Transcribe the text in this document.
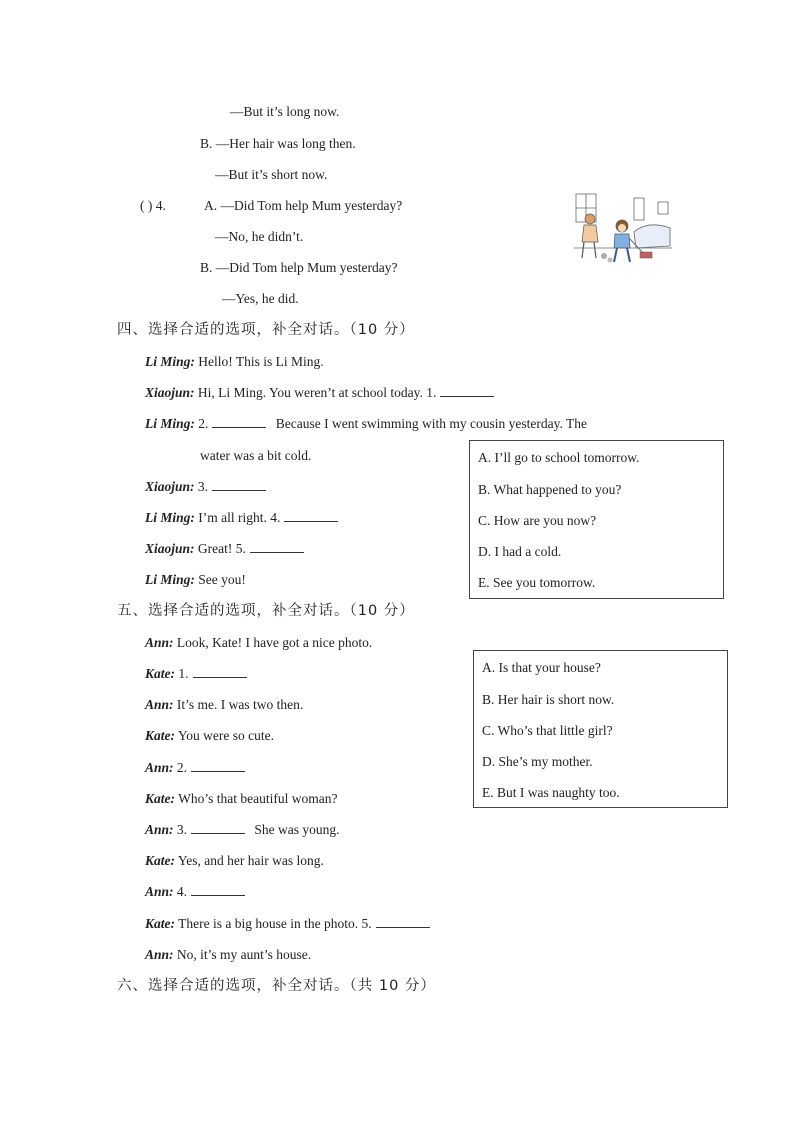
—But it’s long now.
B. —Her hair was long then.
—But it’s short now.
( ) 4.	A. —Did Tom help Mum yesterday?
—No, he didn’t.
B. —Did Tom help Mum yesterday?
—Yes, he did.
四、选择合适的选项，补全对话。（10 分）
Li Ming: Hello! This is Li Ming.
Xiaojun: Hi, Li Ming. You weren’t at school today. 1.
Li Ming: 2.	Because I went swimming with my cousin yesterday. The
water was a bit cold.
Xiaojun: 3.
Li Ming: I’m all right. 4.
Xiaojun: Great! 5.
Li Ming: See you!
A. I’ll go to school tomorrow.
B. What happened to you?
C. How are you now?
D. I had a cold.
E. See you tomorrow.
五、选择合适的选项，补全对话。（10 分）
Ann: Look, Kate! I have got a nice photo.
Kate: 1.
Ann: It’s me. I was two then.
Kate: You were so cute.
Ann: 2.
Kate: Who’s that beautiful woman?
Ann: 3.	She was young.
Kate: Yes, and her hair was long.
Ann: 4.
Kate: There is a big house in the photo. 5.
Ann: No, it’s my aunt’s house.
A. Is that your house?
B. Her hair is short now.
C. Who’s that little girl?
D. She’s my mother.
E. But I was naughty too.
六、选择合适的选项，补全对话。（共 10 分）
